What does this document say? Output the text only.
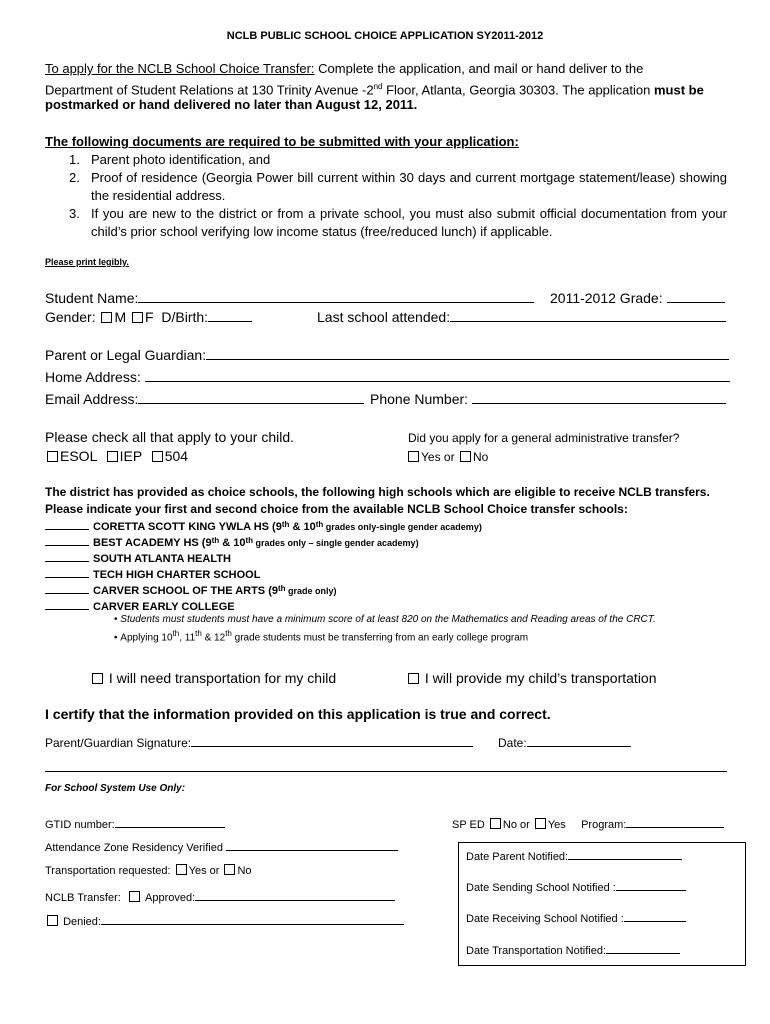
NCLB PUBLIC SCHOOL CHOICE APPLICATION SY2011-2012
To apply for the NCLB School Choice Transfer: Complete the application, and mail or hand deliver to the
Department of Student Relations at 130 Trinity Avenue -2nd Floor, Atlanta, Georgia 30303. The application must be
postmarked or hand delivered no later than August 12, 2011.
The following documents are required to be submitted with your application:
1. Parent photo identification, and
2. Proof of residence (Georgia Power bill current within 30 days and current mortgage statement/lease) showing the residential address.
3. If you are new to the district or from a private school, you must also submit official documentation from your child’s prior school verifying low income status (free/reduced lunch) if applicable.
Please print legibly.
Student Name:	2011-2012 Grade:
Gender: M F D/Birth:	Last school attended:
Parent or Legal Guardian:
Home Address:
Email Address:	Phone Number:
Please check all that apply to your child.
ESOL IEP 504
Did you apply for a general administrative transfer?
Yes or No
The district has provided as choice schools, the following high schools which are eligible to receive NCLB transfers.
Please indicate your first and second choice from the available NCLB School Choice transfer schools:
CORETTA SCOTT KING YWLA HS (9th & 10th grades only-single gender academy)
BEST ACADEMY HS (9th & 10th grades only – single gender academy)
SOUTH ATLANTA HEALTH
TECH HIGH CHARTER SCHOOL
CARVER SCHOOL OF THE ARTS (9th grade only)
CARVER EARLY COLLEGE
• Students must students must have a minimum score of at least 820 on the Mathematics and Reading areas of the CRCT.
• Applying 10th, 11th & 12th grade students must be transferring from an early college program
I will need transportation for my child	I will provide my child’s transportation
I certify that the information provided on this application is true and correct.
Parent/Guardian Signature:	Date:
For School System Use Only:
GTID number:	SP ED No or Yes Program:
Attendance Zone Residency Verified
Transportation requested: Yes or No
NCLB Transfer: Approved:
Denied:
Date Parent Notified:
Date Sending School Notified :
Date Receiving School Notified :
Date Transportation Notified:
